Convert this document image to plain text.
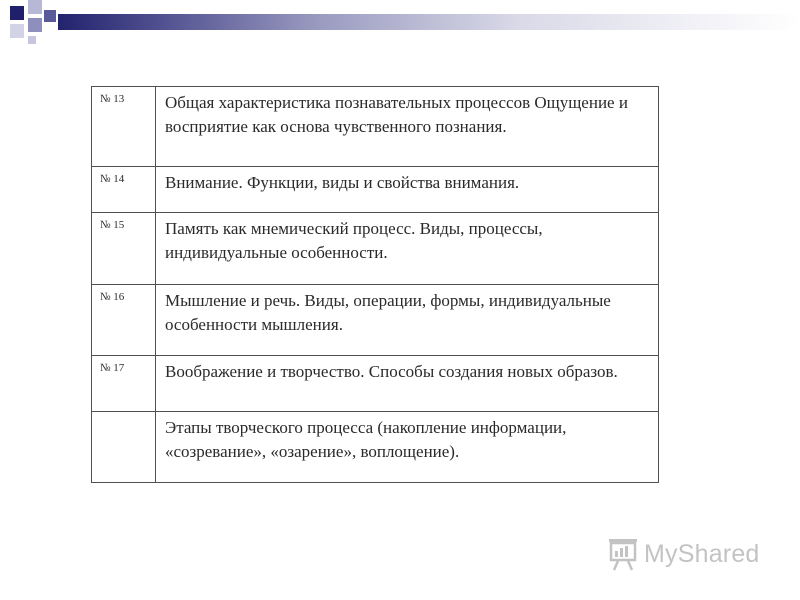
№ 13	Общая характеристика познавательных процессов Ощущение и восприятие как основа чувственного познания.
№ 14	Внимание. Функции, виды и свойства внимания.
№ 15	Память как мнемический процесс. Виды, процессы, индивидуальные особенности.
№ 16	Мышление и речь. Виды, операции, формы, индивидуальные особенности мышления.
№ 17	Воображение и творчество. Способы создания новых образов.
	Этапы творческого процесса (накопление информации, «созревание», «озарение», воплощение).
MyShared
